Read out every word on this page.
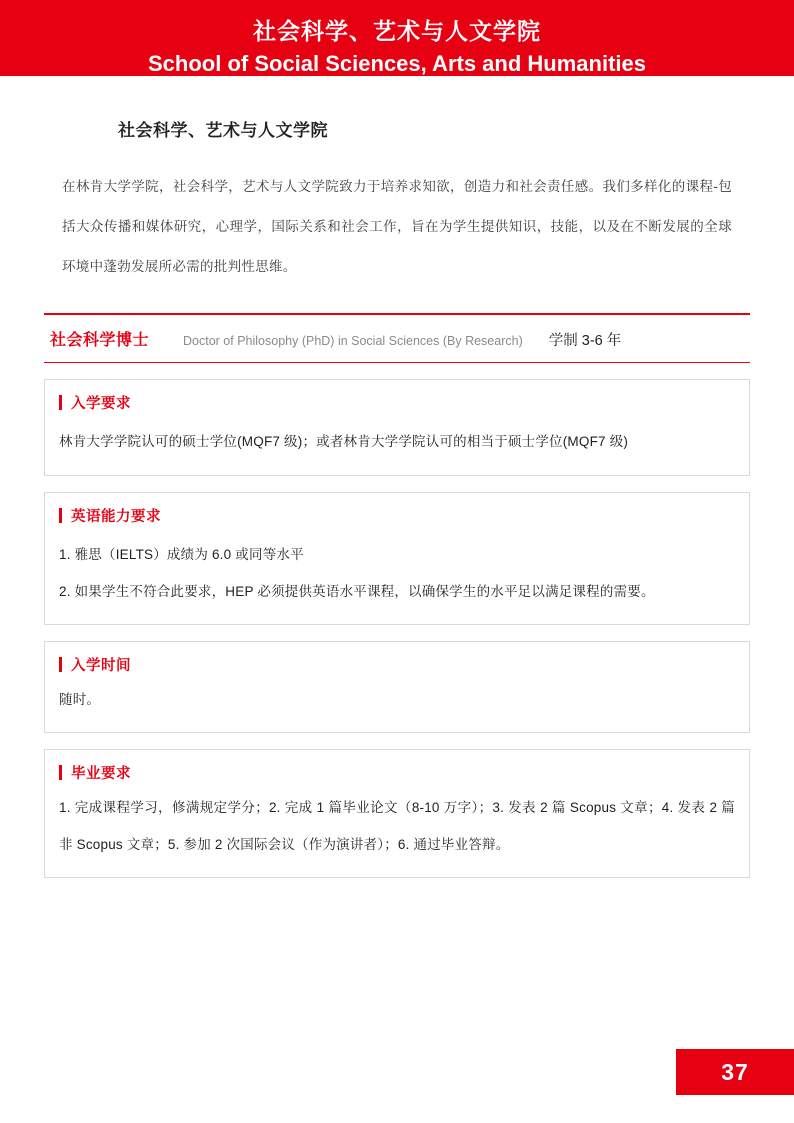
社会科学、艺术与人文学院
School of Social Sciences, Arts and Humanities
社会科学、艺术与人文学院
在林肯大学学院，社会科学，艺术与人文学院致力于培养求知欲，创造力和社会责任感。我们多样化的课程-包括大众传播和媒体研究，心理学，国际关系和社会工作，旨在为学生提供知识，技能，以及在不断发展的全球环境中蓬勃发展所必需的批判性思维。
社会科学博士	Doctor of Philosophy (PhD) in Social Sciences (By Research) 学制 3-6 年
入学要求
林肯大学学院认可的硕士学位(MQF7 级)；或者林肯大学学院认可的相当于硕士学位(MQF7 级)
英语能力要求

1. 雅思（IELTS）成绩为 6.0 或同等水平

2. 如果学生不符合此要求，HEP 必须提供英语水平课程，以确保学生的水平足以满足课程的需要。

入学时间
随时。
毕业要求
1. 完成课程学习，修满规定学分；2. 完成 1 篇毕业论文（8-10 万字）；3. 发表 2 篇 Scopus 文章；4. 发表 2 篇非 Scopus 文章；5. 参加 2 次国际会议（作为演讲者）；6. 通过毕业答辩。
37
